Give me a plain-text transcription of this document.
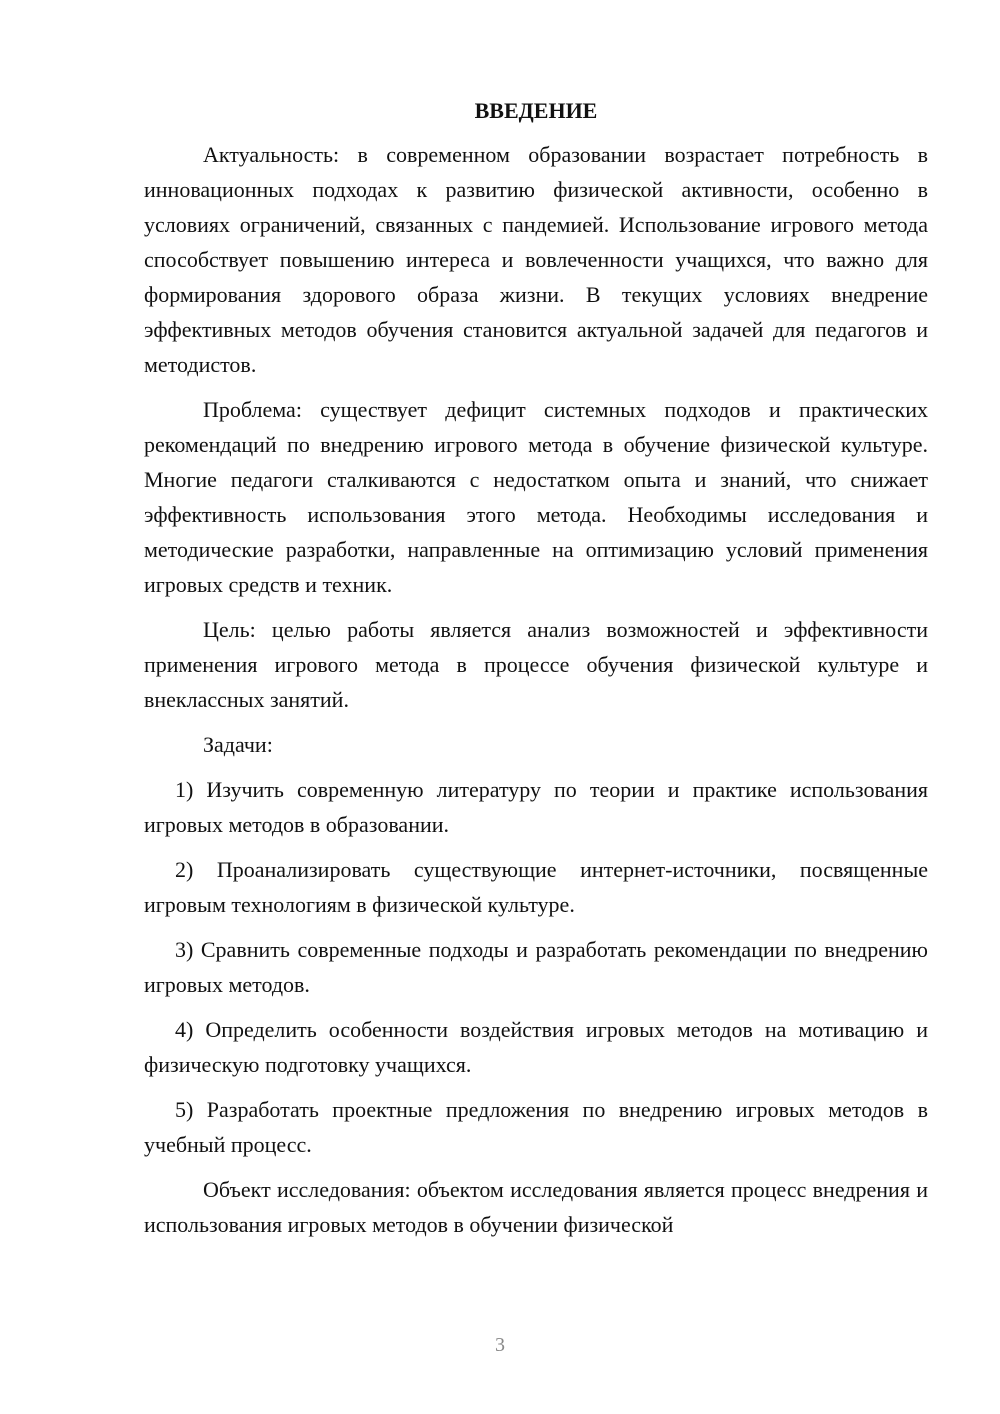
ВВЕДЕНИЕ

Актуальность: в современном образовании возрастает потребность в инновационных подходах к развитию физической активности, особенно в условиях ограничений, связанных с пандемией. Использование игрового метода способствует повышению интереса и вовлеченности учащихся, что важно для формирования здорового образа жизни. В текущих условиях внедрение эффективных методов обучения становится актуальной задачей для педагогов и методистов.

Проблема: существует дефицит системных подходов и практических рекомендаций по внедрению игрового метода в обучение физической культуре. Многие педагоги сталкиваются с недостатком опыта и знаний, что снижает эффективность использования этого метода. Необходимы исследования и методические разработки, направленные на оптимизацию условий применения игровых средств и техник.

Цель: целью работы является анализ возможностей и эффективности применения игрового метода в процессе обучения физической культуре и внеклассных занятий.

Задачи:

1) Изучить современную литературу по теории и практике использования игровых методов в образовании.

2) Проанализировать существующие интернет-источники, посвященные игровым технологиям в физической культуре.

3) Сравнить современные подходы и разработать рекомендации по внедрению игровых методов.

4) Определить особенности воздействия игровых методов на мотивацию и физическую подготовку учащихся.

5) Разработать проектные предложения по внедрению игровых методов в учебный процесс.

Объект исследования: объектом исследования является процесс внедрения и использования игровых методов в обучении физической

3
